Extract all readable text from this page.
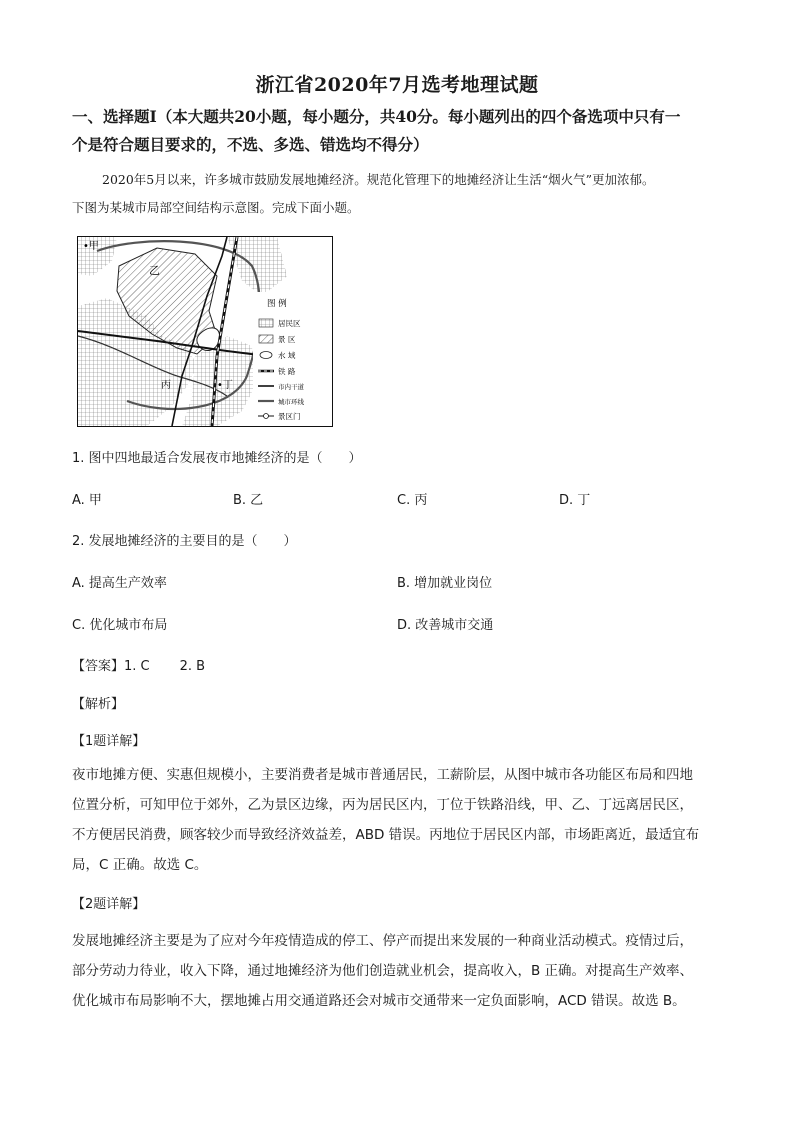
浙江省2020年7月选考地理试题
一、选择题Ⅰ（本大题共20小题，每小题分，共40分。每小题列出的四个备选项中只有一
个是符合题目要求的，不选、多选、错选均不得分）
2020年5月以来，许多城市鼓励发展地摊经济。规范化管理下的地摊经济让生活“烟火气”更加浓郁。
下图为某城市局部空间结构示意图。完成下面小题。
•甲
乙
丙	•丁
图 例
居民区
景 区
水 域
铁 路
市内干道
城市环线
景区门
1. 图中四地最适合发展夜市地摊经济的是（　　）
A. 甲	B. 乙	C. 丙	D. 丁
2. 发展地摊经济的主要目的是（　　）
A. 提高生产效率	B. 增加就业岗位
C. 优化城市布局	D. 改善城市交通
【答案】1. C 2. B
【解析】
【1题详解】
夜市地摊方便、实惠但规模小，主要消费者是城市普通居民，工薪阶层，从图中城市各功能区布局和四地
位置分析，可知甲位于郊外，乙为景区边缘，丙为居民区内，丁位于铁路沿线，甲、乙、丁远离居民区，
不方便居民消费，顾客较少而导致经济效益差，ABD 错误。丙地位于居民区内部，市场距离近，最适宜布
局，C 正确。故选 C。
【2题详解】
发展地摊经济主要是为了应对今年疫情造成的停工、停产而提出来发展的一种商业活动模式。疫情过后，
部分劳动力待业，收入下降，通过地摊经济为他们创造就业机会，提高收入，B 正确。对提高生产效率、
优化城市布局影响不大，摆地摊占用交通道路还会对城市交通带来一定负面影响，ACD 错误。故选 B。
